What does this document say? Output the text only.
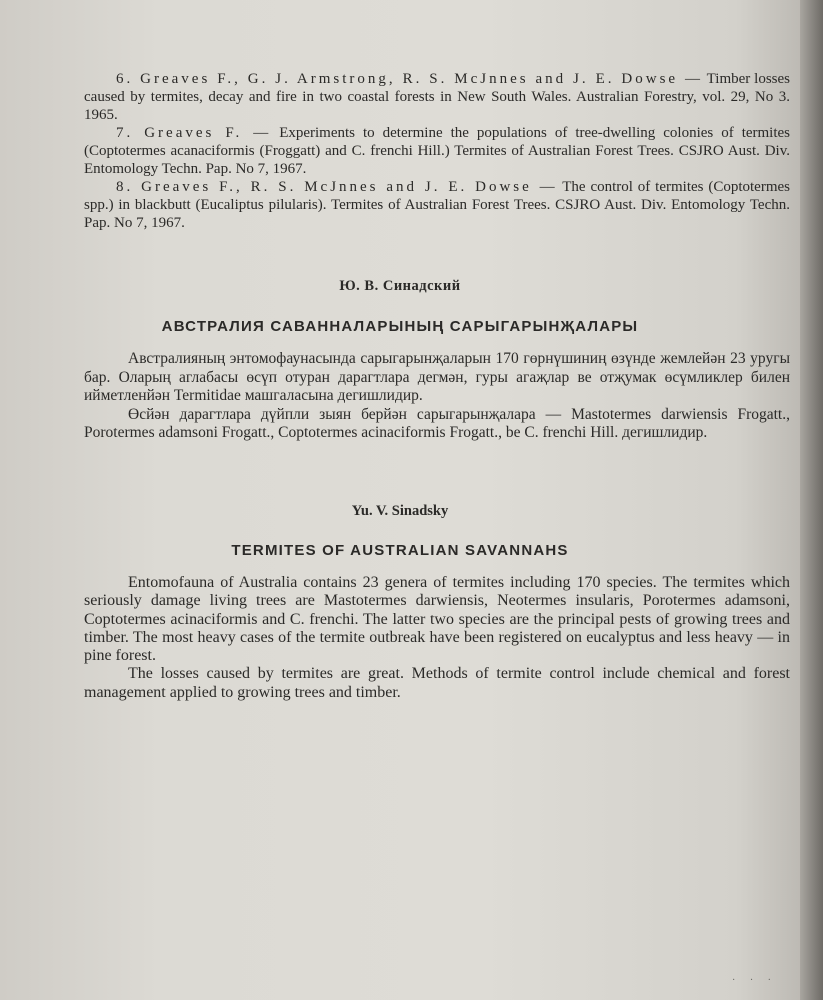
6. Greaves F., G. J. Armstrong, R. S. McJnnes and J. E. Dowse — Timber losses caused by termites, decay and fire in two coastal forests in New South Wales. Australian Forestry, vol. 29, No 3. 1965.

7. Greaves F. — Experiments to determine the populations of tree-dwelling colonies of termites (Coptotermes acanaciformis (Froggatt) and C. frenchi Hill.) Termites of Australian Forest Trees. CSJRO Aust. Div. Entomology Techn. Pap. No 7, 1967.

8. Greaves F., R. S. McJnnes and J. E. Dowse — The control of termites (Coptotermes spp.) in blackbutt (Eucaliptus pilularis). Termites of Australian Forest Trees. CSJRO Aust. Div. Entomology Techn. Pap. No 7, 1967.

Ю. В. Синадский
АВСТРАЛИЯ САВАННАЛАРЫНЫҢ САРЫГАРЫНҖАЛАРЫ

Австралияның энтомофаунасында сарыгарынҗаларын 170 гөрнүшиниң өзүнде жемлейән 23 уругы бар. Оларың аглабасы өсүп отуран дарагтлара дегмән, гуры агаҗлар ве отҗумак өсүмликлер билен ийметленйән Termitidae машгаласына дегишлидир.

Өсйән дарагтлара дүйпли зыян берйән сарыгарынҗалара — Mastotermes darwiensis Frogatt., Porotermes adamsoni Frogatt., Coptotermes acinaciformis Frogatt., be C. frenchi Hill. дегишлидир.

Yu. V. Sinadsky
TERMITES OF AUSTRALIAN SAVANNAHS

Entomofauna of Australia contains 23 genera of termites including 170 species. The termites which seriously damage living trees are Mastotermes darwiensis, Neotermes insularis, Porotermes adamsoni, Coptotermes acinaciformis and C. frenchi. The latter two species are the principal pests of growing trees and timber. The most heavy cases of the termite outbreak have been registered on eucalyptus and less heavy — in pine forest.

The losses caused by termites are great. Methods of termite control include chemical and forest management applied to growing trees and timber.

· · ·
